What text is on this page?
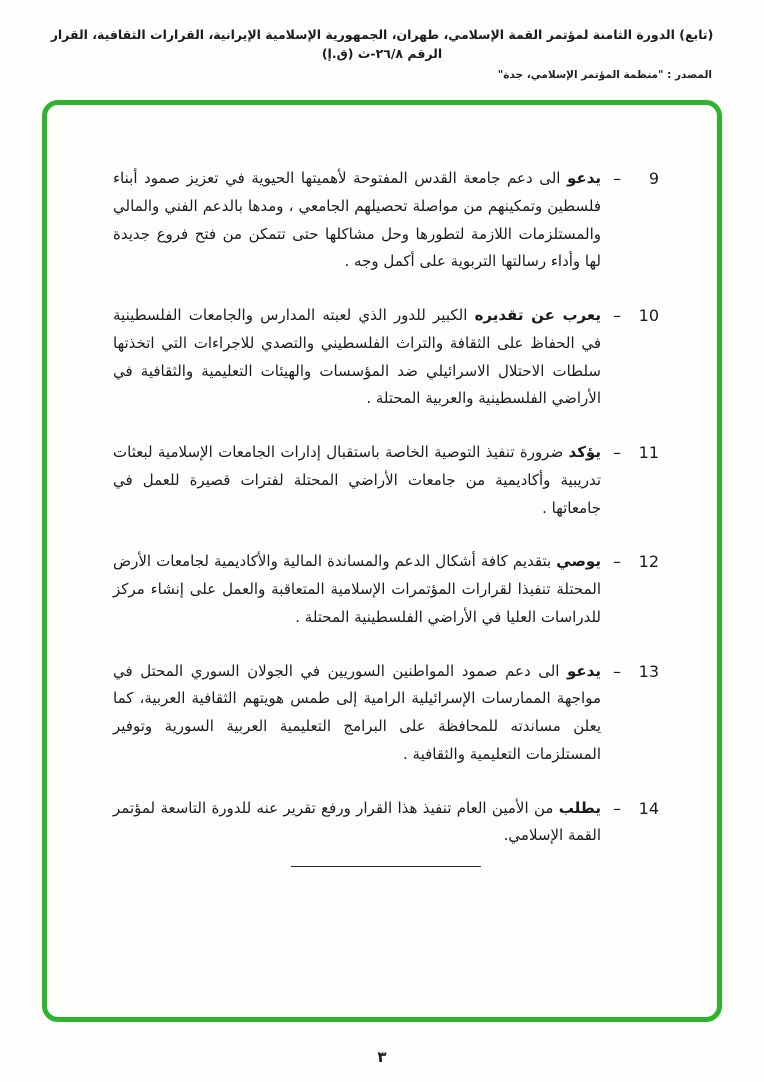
(تابع) الدورة الثامنة لمؤتمر القمة الإسلامي، طهران، الجمهورية الإسلامية الإيرانية، القرارات الثقافية، القرار الرقم ٢٦/٨-ث (ق.إ)
المصدر : "منظمة المؤتمر الإسلامي، جدة"
9
–
يدعو الى دعم جامعة القدس المفتوحة لأهميتها الحيوية في تعزيز صمود أبناء فلسطين وتمكينهم من مواصلة تحصيلهم الجامعي ، ومدها بالدعم الفني والمالي والمستلزمات اللازمة لتطورها وحل مشاكلها حتى تتمكن من فتح فروع جديدة لها وأداء رسالتها التربوية على أكمل وجه .
10
–
يعرب عن تقديره الكبير للدور الذي لعبته المدارس والجامعات الفلسطينية في الحفاظ على الثقافة والتراث الفلسطيني والتصدي للاجراءات التي اتخذتها سلطات الاحتلال الاسرائيلي ضد المؤسسات والهيئات التعليمية والثقافية في الأراضي الفلسطينية والعربية المحتلة .
11
–
يؤكد ضرورة تنفيذ التوصية الخاصة باستقبال إدارات الجامعات الإسلامية لبعثات تدريبية وأكاديمية من جامعات الأراضي المحتلة لفترات قصيرة للعمل في جامعاتها .
12
–
يوصي بتقديم كافة أشكال الدعم والمساندة المالية والأكاديمية لجامعات الأرض المحتلة تنفيذا لقرارات المؤتمرات الإسلامية المتعاقبة والعمل على إنشاء مركز للدراسات العليا في الأراضي الفلسطينية المحتلة .
13
–
يدعو الى دعم صمود المواطنين السوريين في الجولان السوري المحتل في مواجهة الممارسات الإسرائيلية الرامية إلى طمس هويتهم الثقافية العربية، كما يعلن مساندته للمحافظة على البرامج التعليمية العربية السورية وتوفير المستلزمات التعليمية والثقافية .
14
–
يطلب من الأمين العام تنفيذ هذا القرار ورفع تقرير عنه للدورة التاسعة لمؤتمر القمة الإسلامي.
٣
